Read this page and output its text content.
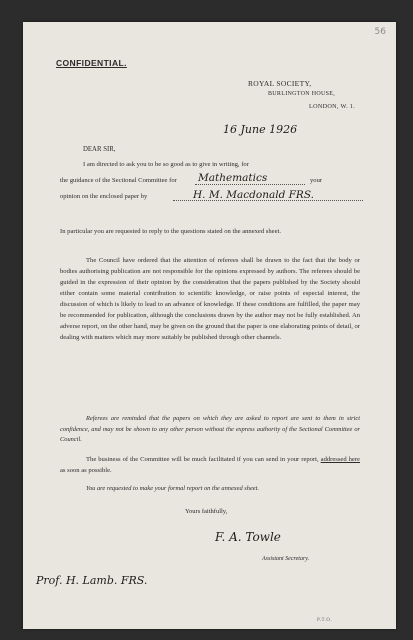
56
CONFIDENTIAL.
ROYAL SOCIETY,
BURLINGTON HOUSE,
LONDON, W. 1.
16 June 1926
DEAR SIR,
I am directed to ask you to be so good as to give in writing, for
the guidance of the Sectional Committee for Mathematics	your
opinion on the enclosed paper by	H. M. Macdonald FRS.
In particular you are requested to reply to the questions stated on the annexed sheet.
The Council have ordered that the attention of referees shall be drawn to the fact that the body or bodies authorising publication are not responsible for the opinions expressed by authors. The referees should be guided in the expression of their opinion by the consideration that the papers published by the Society should either contain some material contribution to scientific knowledge, or raise points of especial interest, the discussion of which is likely to lead to an advance of knowledge. If these conditions are fulfilled, the paper may be recommended for publication, although the conclusions drawn by the author may not be fully established. An adverse report, on the other hand, may be given on the ground that the paper is one elaborating points of detail, or dealing with matters which may more suitably be published through other channels.
Referees are reminded that the papers on which they are asked to report are sent to them in strict confidence, and may not be shown to any other person without the express authority of the Sectional Committee or Council.
The business of the Committee will be much facilitated if you can send in your report, addressed here as soon as possible.
You are requested to make your formal report on the annexed sheet.
Yours faithfully,
F. A. Towle
Assistant Secretary.
Prof. H. Lamb. FRS.
P.T.O.
